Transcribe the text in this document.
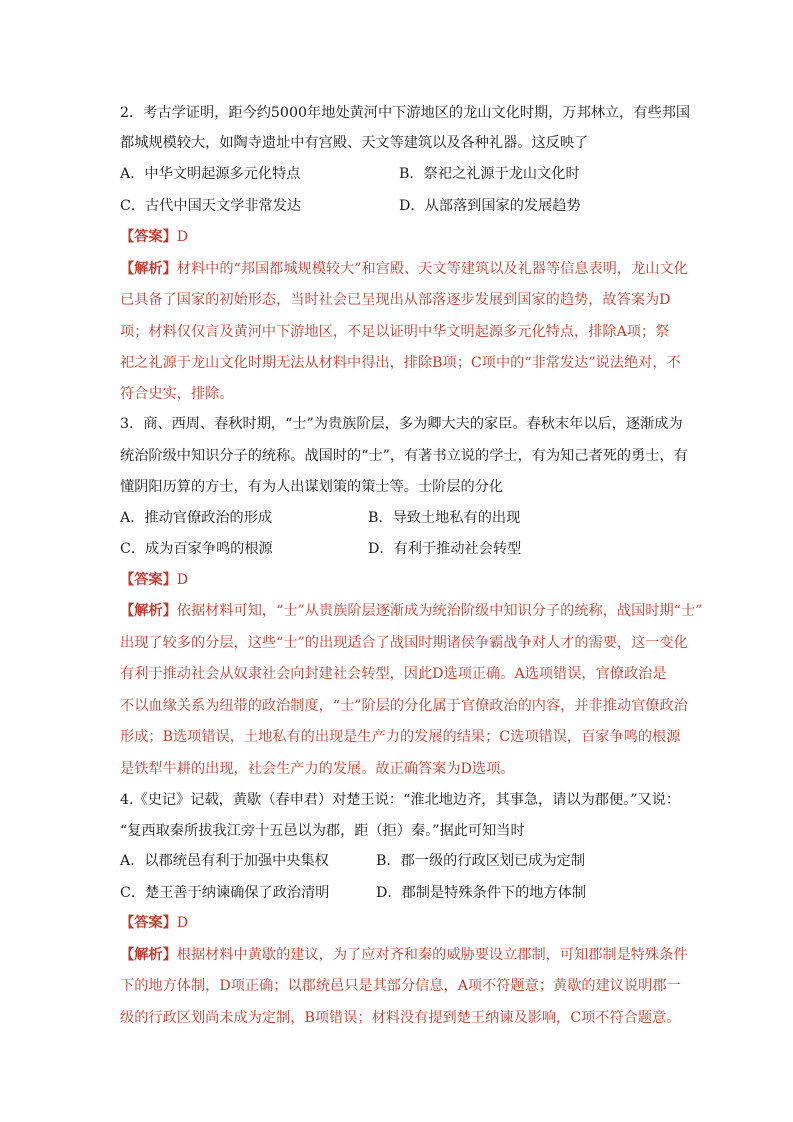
2．考古学证明，距今约5000年地处黄河中下游地区的龙山文化时期，万邦林立，有些邦国
都城规模较大，如陶寺遗址中有宫殿、天文等建筑以及各种礼器。这反映了
A．中华文明起源多元化特点	B．祭祀之礼源于龙山文化时
C．古代中国天文学非常发达	D．从部落到国家的发展趋势
【答案】D
【解析】材料中的“邦国都城规模较大”和宫殿、天文等建筑以及礼器等信息表明，龙山文化
已具备了国家的初始形态，当时社会已呈现出从部落逐步发展到国家的趋势，故答案为D
项；材料仅仅言及黄河中下游地区，不足以证明中华文明起源多元化特点，排除A项；祭
祀之礼源于龙山文化时期无法从材料中得出，排除B项；C项中的“非常发达”说法绝对，不
符合史实，排除。
3．商、西周、春秋时期，“士”为贵族阶层，多为卿大夫的家臣。春秋末年以后，逐渐成为
统治阶级中知识分子的统称。战国时的“士”，有著书立说的学士，有为知己者死的勇士，有
懂阴阳历算的方士，有为人出谋划策的策士等。士阶层的分化
A．推动官僚政治的形成	B．导致土地私有的出现
C．成为百家争鸣的根源	D．有利于推动社会转型
【答案】D
【解析】依据材料可知，“士”从贵族阶层逐渐成为统治阶级中知识分子的统称，战国时期“士”
出现了较多的分层，这些“士”的出现适合了战国时期诸侯争霸战争对人才的需要，这一变化
有利于推动社会从奴隶社会向封建社会转型，因此D选项正确。A选项错误，官僚政治是
不以血缘关系为纽带的政治制度，“士”阶层的分化属于官僚政治的内容，并非推动官僚政治
形成；B选项错误，土地私有的出现是生产力的发展的结果；C选项错误，百家争鸣的根源
是铁犁牛耕的出现，社会生产力的发展。故正确答案为D选项。
4.《史记》记载，黄歇（春申君）对楚王说：“淮北地边齐，其事急，请以为郡便。”又说：
“复西取秦所拔我江旁十五邑以为郡，距（拒）秦。”据此可知当时
A．以郡统邑有利于加强中央集权	B．郡一级的行政区划已成为定制
C．楚王善于纳谏确保了政治清明	D．郡制是特殊条件下的地方体制
【答案】D
【解析】根据材料中黄歇的建议，为了应对齐和秦的威胁要设立郡制，可知郡制是特殊条件
下的地方体制，D项正确；以郡统邑只是其部分信息，A项不符题意；黄歇的建议说明郡一
级的行政区划尚未成为定制，B项错误；材料没有提到楚王纳谏及影响，C项不符合题意。
